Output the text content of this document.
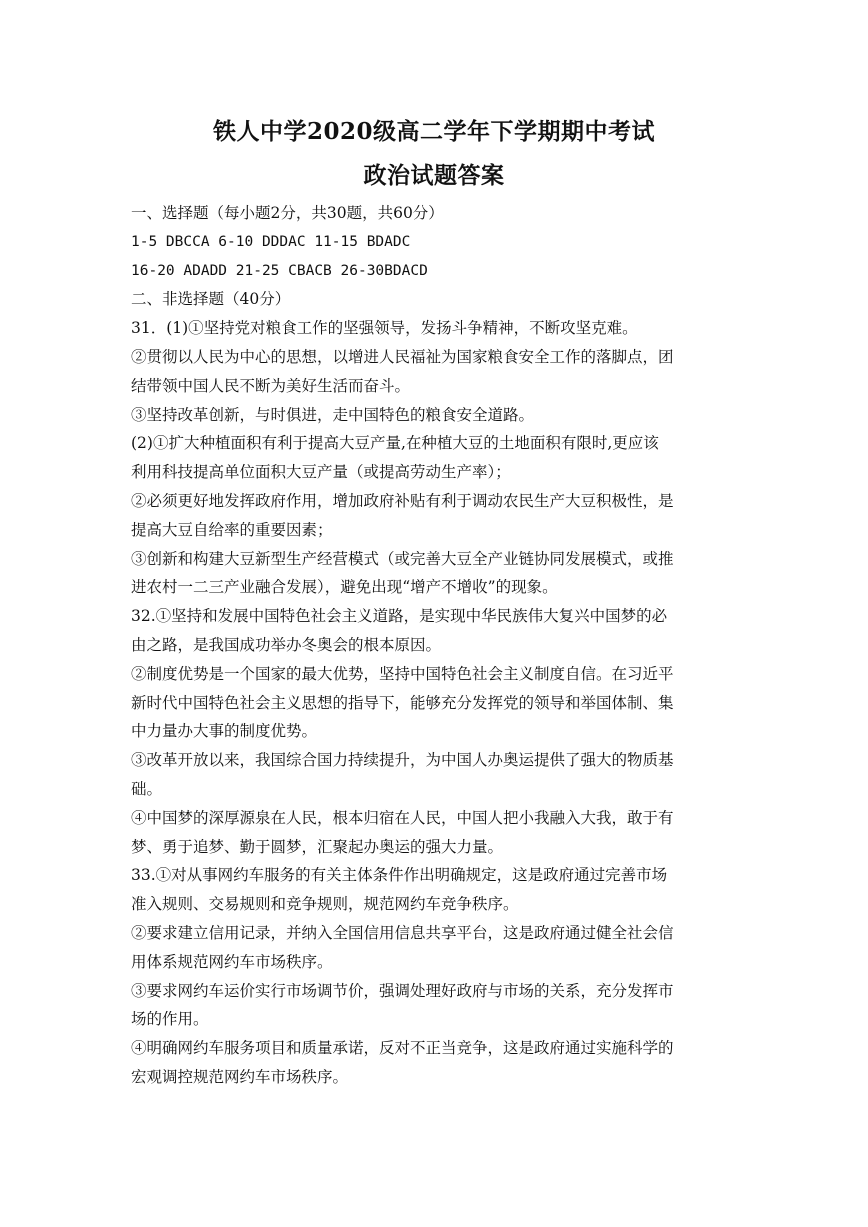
铁人中学2020级高二学年下学期期中考试
政治试题答案
一、选择题（每小题2分，共30题，共60分）
1-5 DBCCA 6-10 DDDAC 11-15 BDADC
16-20 ADADD 21-25 CBACB 26-30BDACD
二、非选择题（40分）
31．(1)①坚持党对粮食工作的坚强领导，发扬斗争精神，不断攻坚克难。
②贯彻以人民为中心的思想，以增进人民福祉为国家粮食安全工作的落脚点，团
结带领中国人民不断为美好生活而奋斗。
③坚持改革创新，与时俱进，走中国特色的粮食安全道路。
(2)①扩大种植面积有利于提高大豆产量,在种植大豆的土地面积有限时,更应该
利用科技提高单位面积大豆产量（或提高劳动生产率）；
②必须更好地发挥政府作用，增加政府补贴有利于调动农民生产大豆积极性，是
提高大豆自给率的重要因素；
③创新和构建大豆新型生产经营模式（或完善大豆全产业链协同发展模式，或推
进农村一二三产业融合发展），避免出现“增产不增收”的现象。
32.①坚持和发展中国特色社会主义道路，是实现中华民族伟大复兴中国梦的必
由之路，是我国成功举办冬奥会的根本原因。
②制度优势是一个国家的最大优势，坚持中国特色社会主义制度自信。在习近平
新时代中国特色社会主义思想的指导下，能够充分发挥党的领导和举国体制、集
中力量办大事的制度优势。
③改革开放以来，我国综合国力持续提升，为中国人办奥运提供了强大的物质基
础。
④中国梦的深厚源泉在人民，根本归宿在人民，中国人把小我融入大我，敢于有
梦、勇于追梦、勤于圆梦，汇聚起办奥运的强大力量。
33.①对从事网约车服务的有关主体条件作出明确规定，这是政府通过完善市场
准入规则、交易规则和竞争规则，规范网约车竞争秩序。
②要求建立信用记录，并纳入全国信用信息共享平台，这是政府通过健全社会信
用体系规范网约车市场秩序。
③要求网约车运价实行市场调节价，强调处理好政府与市场的关系，充分发挥市
场的作用。
④明确网约车服务项目和质量承诺，反对不正当竞争，这是政府通过实施科学的
宏观调控规范网约车市场秩序。
